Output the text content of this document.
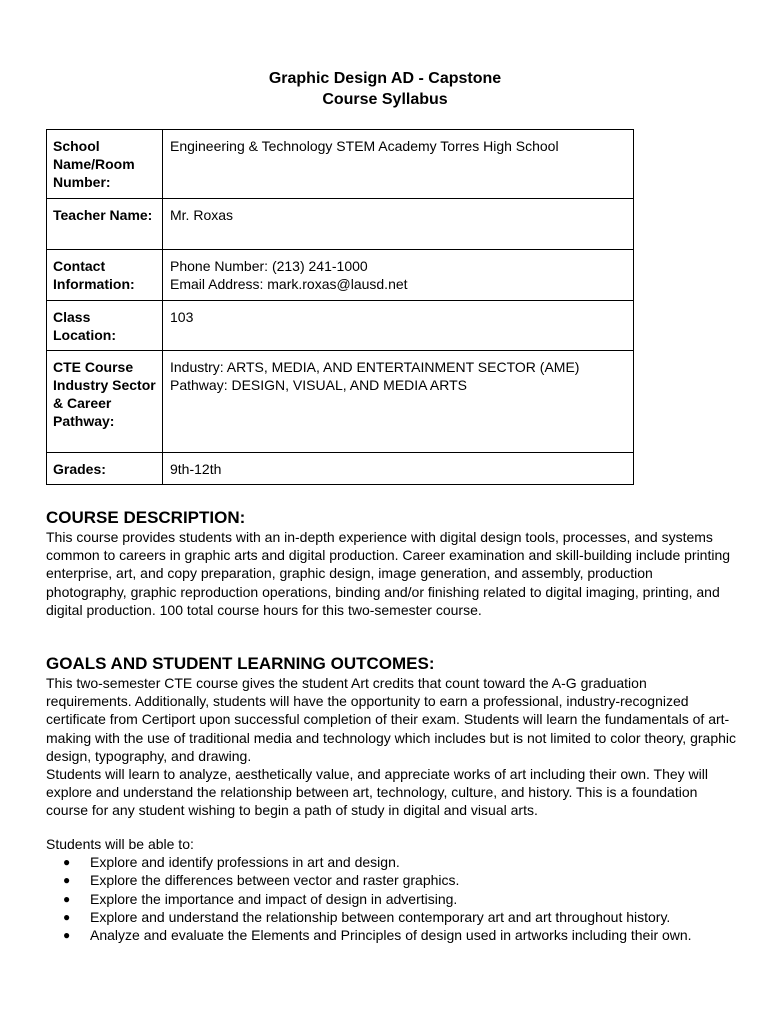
Graphic Design AD - Capstone
Course Syllabus
School Name/Room Number:	Engineering & Technology STEM Academy Torres High School

Teacher Name:	Mr. Roxas

Contact Information:	Phone Number: (213) 241-1000
Email Address: mark.roxas@lausd.net

Class Location:	103

CTE Course Industry Sector & Career Pathway:	Industry: ARTS, MEDIA, AND ENTERTAINMENT SECTOR (AME)
Pathway: DESIGN, VISUAL, AND MEDIA ARTS

Grades:	9th-12th
COURSE DESCRIPTION:

This course provides students with an in-depth experience with digital design tools, processes, and systems common to careers in graphic arts and digital production. Career examination and skill-building include printing enterprise, art, and copy preparation, graphic design, image generation, and assembly, production photography, graphic reproduction operations, binding and/or finishing related to digital imaging, printing, and digital production. 100 total course hours for this two-semester course.

GOALS AND STUDENT LEARNING OUTCOMES:

This two-semester CTE course gives the student Art credits that count toward the A-G graduation requirements. Additionally, students will have the opportunity to earn a professional, industry-recognized certificate from Certiport upon successful completion of their exam. Students will learn the fundamentals of art-making with the use of traditional media and technology which includes but is not limited to color theory, graphic design, typography, and drawing.

Students will learn to analyze, aesthetically value, and appreciate works of art including their own. They will explore and understand the relationship between art, technology, culture, and history. This is a foundation course for any student wishing to begin a path of study in digital and visual arts.

Students will be able to:

● Explore and identify professions in art and design.
● Explore the differences between vector and raster graphics.
● Explore the importance and impact of design in advertising.
● Explore and understand the relationship between contemporary art and art throughout history.
● Analyze and evaluate the Elements and Principles of design used in artworks including their own.
